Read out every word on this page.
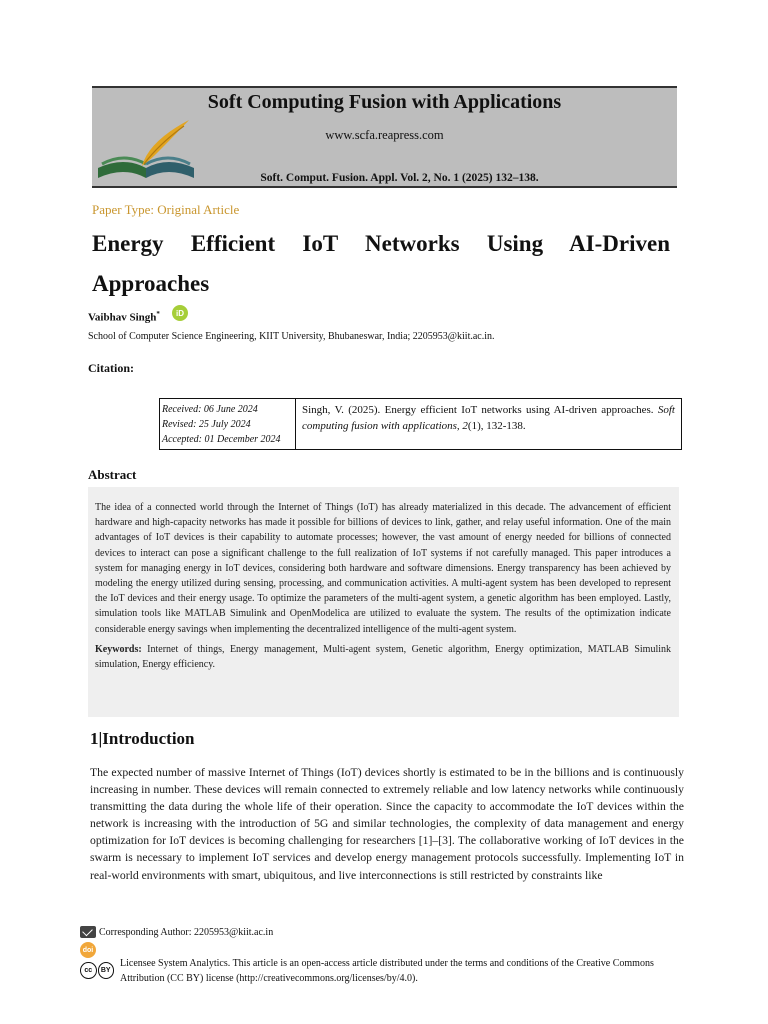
Soft Computing Fusion with Applications
www.scfa.reapress.com
Soft. Comput. Fusion. Appl. Vol. 2, No. 1 (2025) 132–138.
Paper Type: Original Article
Energy Efficient IoT Networks Using AI-Driven Approaches
Vaibhav Singh*	iD
School of Computer Science Engineering, KIIT University, Bhubaneswar, India; 2205953@kiit.ac.in.
Citation:
Received: 06 June 2024
Revised: 25 July 2024
Accepted: 01 December 2024
Singh, V. (2025). Energy efficient IoT networks using AI-driven approaches. Soft computing fusion with applications, 2(1), 132-138.
Abstract
The idea of a connected world through the Internet of Things (IoT) has already materialized in this decade. The advancement of efficient hardware and high-capacity networks has made it possible for billions of devices to link, gather, and relay useful information. One of the main advantages of IoT devices is their capability to automate processes; however, the vast amount of energy needed for billions of connected devices to interact can pose a significant challenge to the full realization of IoT systems if not carefully managed. This paper introduces a system for managing energy in IoT devices, considering both hardware and software dimensions. Energy transparency has been achieved by modeling the energy utilized during sensing, processing, and communication activities. A multi-agent system has been developed to represent the IoT devices and their energy usage. To optimize the parameters of the multi-agent system, a genetic algorithm has been employed. Lastly, simulation tools like MATLAB Simulink and OpenModelica are utilized to evaluate the system. The results of the optimization indicate considerable energy savings when implementing the decentralized intelligence of the multi-agent system.
Keywords: Internet of things, Energy management, Multi-agent system, Genetic algorithm, Energy optimization, MATLAB Simulink simulation, Energy efficiency.
1|Introduction
The expected number of massive Internet of Things (IoT) devices shortly is estimated to be in the billions and is continuously increasing in number. These devices will remain connected to extremely reliable and low latency networks while continuously transmitting the data during the whole life of their operation. Since the capacity to accommodate the IoT devices within the network is increasing with the introduction of 5G and similar technologies, the complexity of data management and energy optimization for IoT devices is becoming challenging for researchers [1]–[3]. The collaborative working of IoT devices in the swarm is necessary to implement IoT services and develop energy management protocols successfully. Implementing IoT in real-world environments with smart, ubiquitous, and live interconnections is still restricted by constraints like
Corresponding Author: 2205953@kiit.ac.in
doi
cc	BY
Licensee System Analytics. This article is an open-access article distributed under the terms and conditions of the Creative Commons Attribution (CC BY) license (http://creativecommons.org/licenses/by/4.0).
